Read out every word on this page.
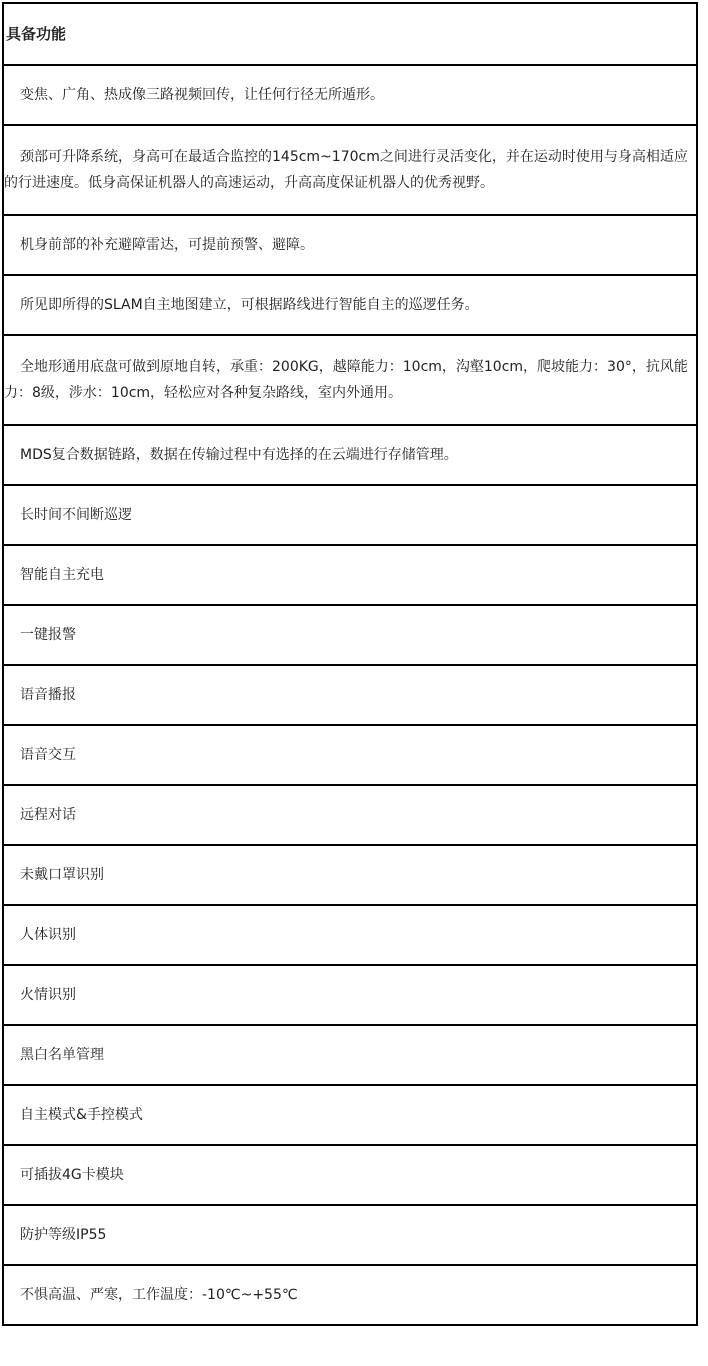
具备功能

变焦、广角、热成像三路视频回传，让任何行径无所遁形。

颈部可升降系统，身高可在最适合监控的145cm~170cm之间进行灵活变化，并在运动时使用与身高相适应的行进速度。低身高保证机器人的高速运动，升高高度保证机器人的优秀视野。

机身前部的补充避障雷达，可提前预警、避障。

所见即所得的SLAM自主地图建立，可根据路线进行智能自主的巡逻任务。

全地形通用底盘可做到原地自转，承重：200KG，越障能力：10cm，沟壑10cm，爬坡能力：30°，抗风能力：8级，涉水：10cm，轻松应对各种复杂路线，室内外通用。

MDS复合数据链路，数据在传输过程中有选择的在云端进行存储管理。

长时间不间断巡逻

智能自主充电

一键报警

语音播报

语音交互

远程对话

未戴口罩识别

人体识别

火情识别

黑白名单管理

自主模式&手控模式

可插拔4G卡模块

防护等级IP55

不惧高温、严寒，工作温度：-10℃~+55℃
